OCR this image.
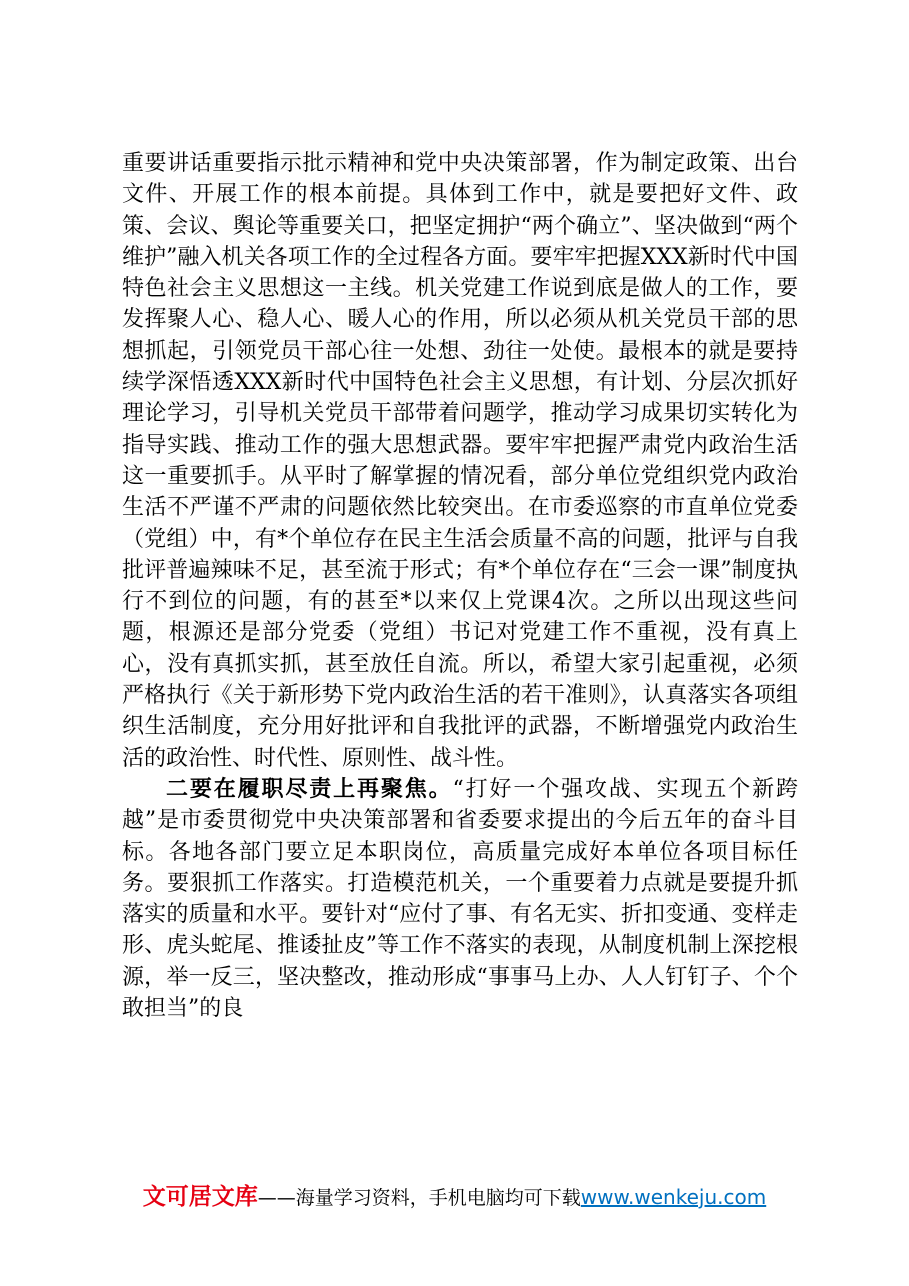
重要讲话重要指示批示精神和党中央决策部署，作为制定政策、出台文件、开展工作的根本前提。具体到工作中，就是要把好文件、政策、会议、舆论等重要关口，把坚定拥护“两个确立”、坚决做到“两个维护”融入机关各项工作的全过程各方面。要牢牢把握XXX新时代中国特色社会主义思想这一主线。机关党建工作说到底是做人的工作，要发挥聚人心、稳人心、暖人心的作用，所以必须从机关党员干部的思想抓起，引领党员干部心往一处想、劲往一处使。最根本的就是要持续学深悟透XXX新时代中国特色社会主义思想，有计划、分层次抓好理论学习，引导机关党员干部带着问题学，推动学习成果切实转化为指导实践、推动工作的强大思想武器。要牢牢把握严肃党内政治生活这一重要抓手。从平时了解掌握的情况看，部分单位党组织党内政治生活不严谨不严肃的问题依然比较突出。在市委巡察的市直单位党委（党组）中，有*个单位存在民主生活会质量不高的问题，批评与自我批评普遍辣味不足，甚至流于形式；有*个单位存在“三会一课”制度执行不到位的问题，有的甚至*以来仅上党课4次。之所以出现这些问题，根源还是部分党委（党组）书记对党建工作不重视，没有真上心，没有真抓实抓，甚至放任自流。所以，希望大家引起重视，必须严格执行《关于新形势下党内政治生活的若干准则》，认真落实各项组织生活制度，充分用好批评和自我批评的武器，不断增强党内政治生活的政治性、时代性、原则性、战斗性。

二要在履职尽责上再聚焦。“打好一个强攻战、实现五个新跨越”是市委贯彻党中央决策部署和省委要求提出的今后五年的奋斗目标。各地各部门要立足本职岗位，高质量完成好本单位各项目标任务。要狠抓工作落实。打造模范机关，一个重要着力点就是要提升抓落实的质量和水平。要针对“应付了事、有名无实、折扣变通、变样走形、虎头蛇尾、推诿扯皮”等工作不落实的表现，从制度机制上深挖根源，举一反三，坚决整改，推动形成“事事马上办、人人钉钉子、个个敢担当”的良

文可居文库——海量学习资料，手机电脑均可下载www.wenkeju.com
